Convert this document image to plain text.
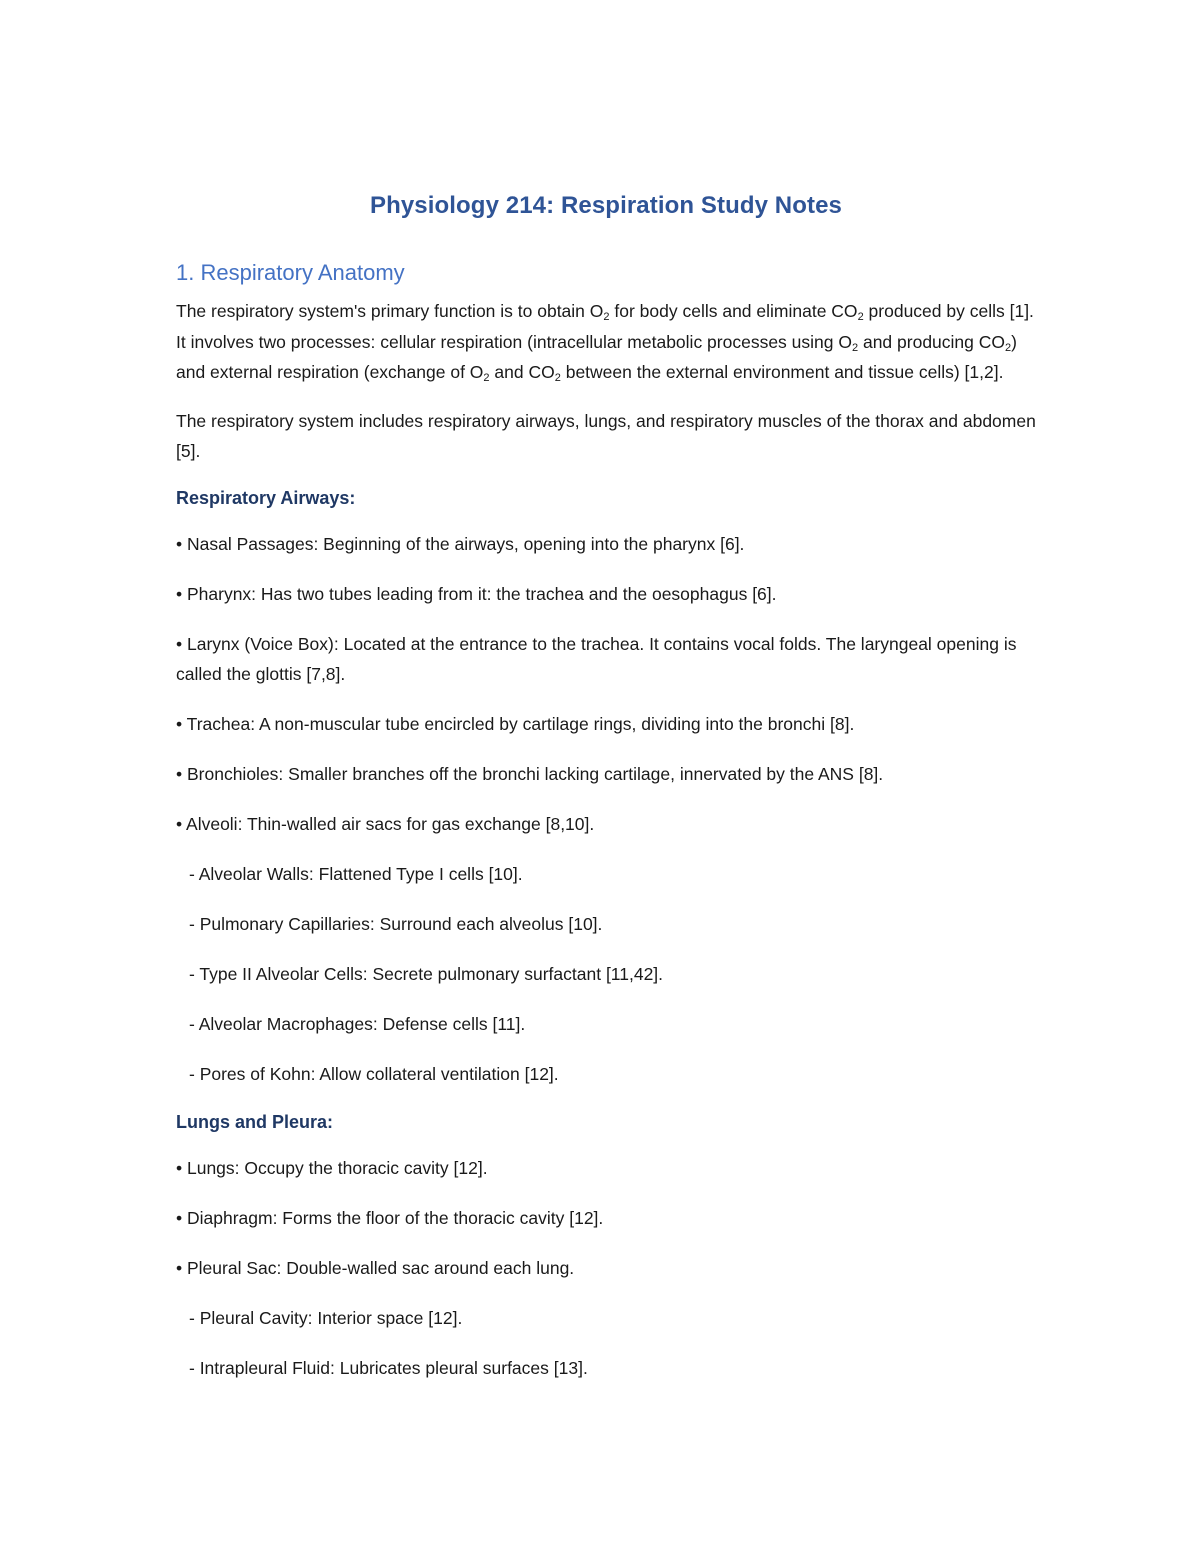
Physiology 214: Respiration Study Notes
1. Respiratory Anatomy

The respiratory system's primary function is to obtain $O_2$ for body cells and eliminate $CO_2$ produced by cells [1]. It involves two processes: cellular respiration (intracellular metabolic processes using $O_2$ and producing $CO_2$) and external respiration (exchange of $O_2$ and $CO_2$ between the external environment and tissue cells) [1,2].

The respiratory system includes respiratory airways, lungs, and respiratory muscles of the thorax and abdomen [5].

Respiratory Airways:

• Nasal Passages: Beginning of the airways, opening into the pharynx [6].

• Pharynx: Has two tubes leading from it: the trachea and the oesophagus [6].

• Larynx (Voice Box): Located at the entrance to the trachea. It contains vocal folds. The laryngeal opening is called the glottis [7,8].

• Trachea: A non-muscular tube encircled by cartilage rings, dividing into the bronchi [8].

• Bronchioles: Smaller branches off the bronchi lacking cartilage, innervated by the ANS [8].

• Alveoli: Thin-walled air sacs for gas exchange [8,10].

- Alveolar Walls: Flattened Type I cells [10].

- Pulmonary Capillaries: Surround each alveolus [10].

- Type II Alveolar Cells: Secrete pulmonary surfactant [11,42].

- Alveolar Macrophages: Defense cells [11].

- Pores of Kohn: Allow collateral ventilation [12].

Lungs and Pleura:

• Lungs: Occupy the thoracic cavity [12].

• Diaphragm: Forms the floor of the thoracic cavity [12].

• Pleural Sac: Double-walled sac around each lung.

- Pleural Cavity: Interior space [12].

- Intrapleural Fluid: Lubricates pleural surfaces [13].
